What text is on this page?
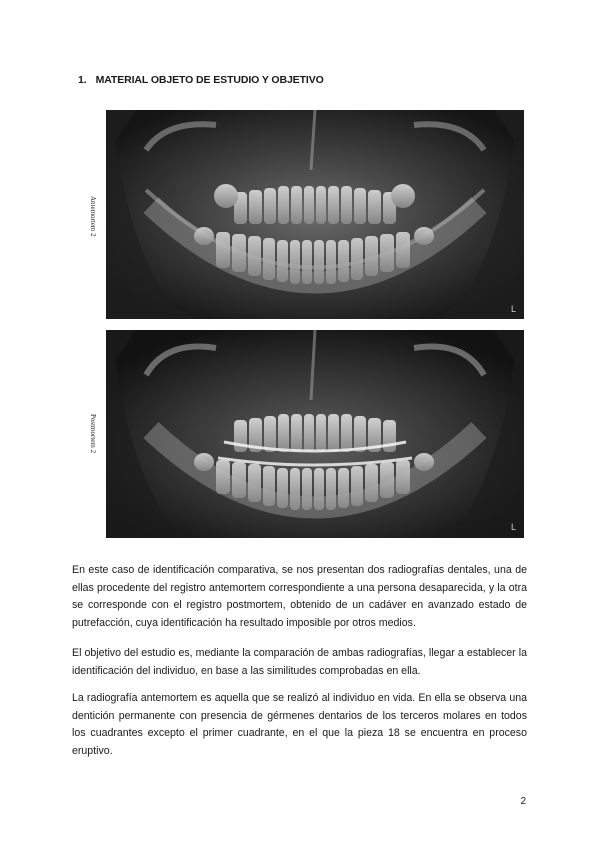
1. MATERIAL OBJETO DE ESTUDIO Y OBJETIVO
Antemortem 2
L
Postmortem 2
L

En este caso de identificación comparativa, se nos presentan dos radiografías dentales, una de ellas procedente del registro antemortem correspondiente a una persona desaparecida, y la otra se corresponde con el registro postmortem, obtenido de un cadáver en avanzado estado de putrefacción, cuya identificación ha resultado imposible por otros medios.

El objetivo del estudio es, mediante la comparación de ambas radiografías, llegar a establecer la identificación del individuo, en base a las similitudes comprobadas en ella.

La radiografía antemortem es aquella que se realizó al individuo en vida. En ella se observa una dentición permanente con presencia de gérmenes dentarios de los terceros molares en todos los cuadrantes excepto el primer cuadrante, en el que la pieza 18 se encuentra en proceso eruptivo.

2
